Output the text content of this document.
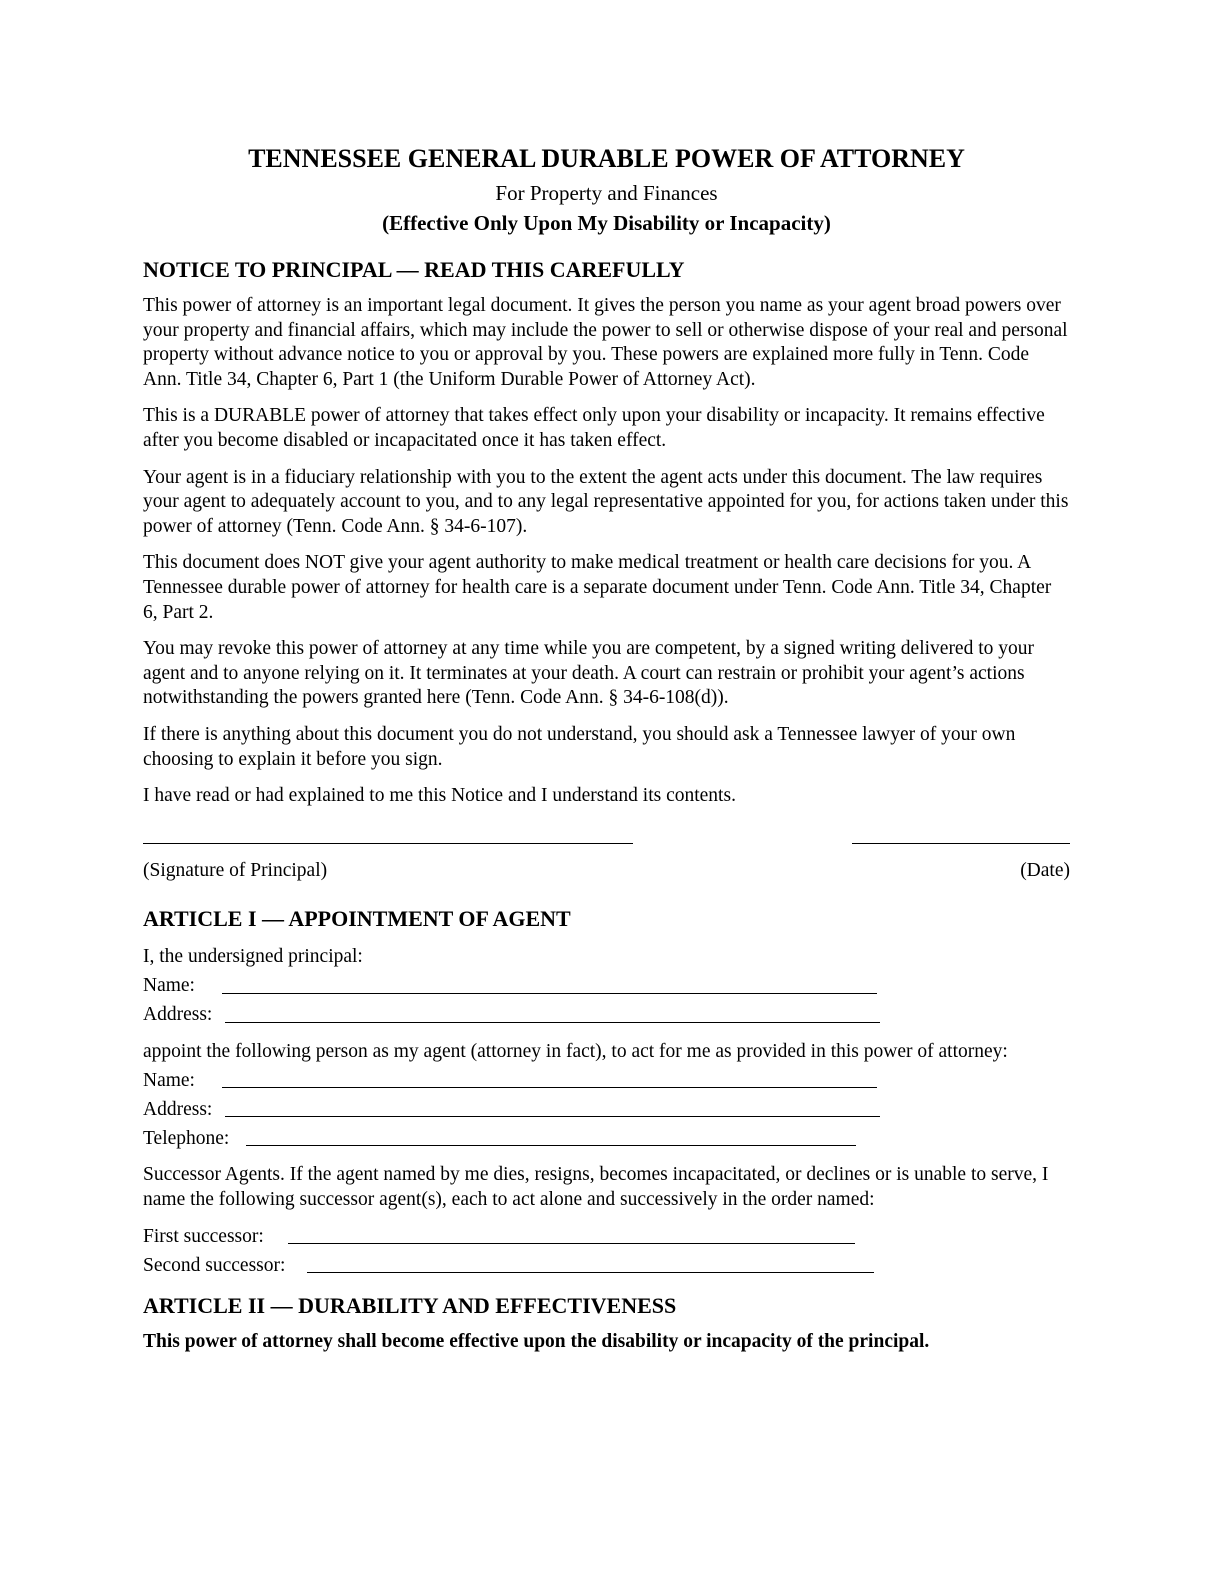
TENNESSEE GENERAL DURABLE POWER OF ATTORNEY
For Property and Finances
(Effective Only Upon My Disability or Incapacity)
NOTICE TO PRINCIPAL — READ THIS CAREFULLY

This power of attorney is an important legal document. It gives the person you name as your agent broad powers over your property and financial affairs, which may include the power to sell or otherwise dispose of your real and personal property without advance notice to you or approval by you. These powers are explained more fully in Tenn. Code Ann. Title 34, Chapter 6, Part 1 (the Uniform Durable Power of Attorney Act).

This is a DURABLE power of attorney that takes effect only upon your disability or incapacity. It remains effective after you become disabled or incapacitated once it has taken effect.

Your agent is in a fiduciary relationship with you to the extent the agent acts under this document. The law requires your agent to adequately account to you, and to any legal representative appointed for you, for actions taken under this power of attorney (Tenn. Code Ann. § 34-6-107).

This document does NOT give your agent authority to make medical treatment or health care decisions for you. A Tennessee durable power of attorney for health care is a separate document under Tenn. Code Ann. Title 34, Chapter 6, Part 2.

You may revoke this power of attorney at any time while you are competent, by a signed writing delivered to your agent and to anyone relying on it. It terminates at your death. A court can restrain or prohibit your agent’s actions notwithstanding the powers granted here (Tenn. Code Ann. § 34-6-108(d)).

If there is anything about this document you do not understand, you should ask a Tennessee lawyer of your own choosing to explain it before you sign.

I have read or had explained to me this Notice and I understand its contents.

(Signature of Principal)	(Date)
ARTICLE I — APPOINTMENT OF AGENT
I, the undersigned principal:
Name:
Address:

appoint the following person as my agent (attorney in fact), to act for me as provided in this power of attorney:

Name:
Address:
Telephone:

Successor Agents. If the agent named by me dies, resigns, becomes incapacitated, or declines or is unable to serve, I name the following successor agent(s), each to act alone and successively in the order named:

First successor:
Second successor:
ARTICLE II — DURABILITY AND EFFECTIVENESS

This power of attorney shall become effective upon the disability or incapacity of the principal.
